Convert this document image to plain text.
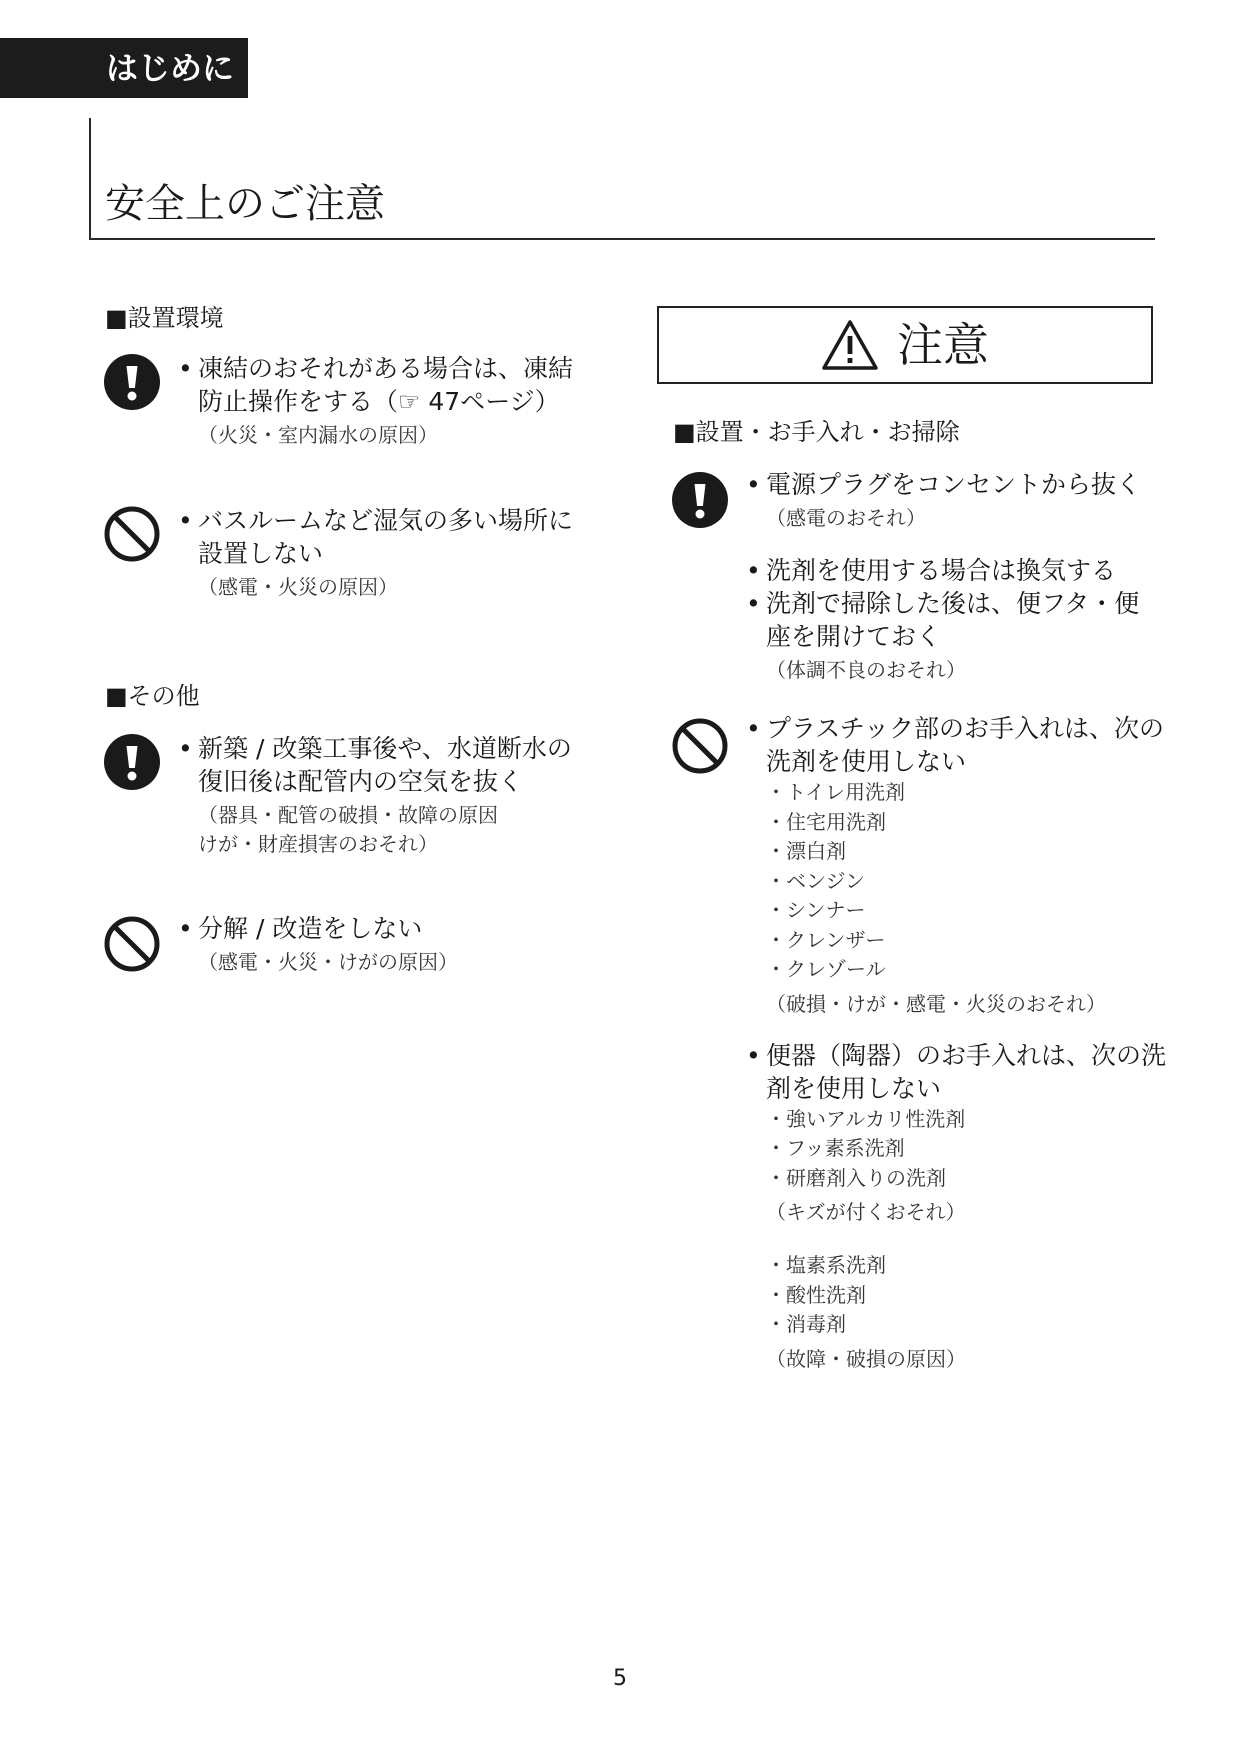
はじめに
安全上のご注意
■設置環境
• 凍結のおそれがある場合は、凍結
防止操作をする（☞ 47ページ）
（火災・室内漏水の原因）
• バスルームなど湿気の多い場所に
設置しない
（感電・火災の原因）
■その他
• 新築 / 改築工事後や、水道断水の
復旧後は配管内の空気を抜く
（器具・配管の破損・故障の原因
けが・財産損害のおそれ）
• 分解 / 改造をしない
（感電・火災・けがの原因）
注意
■設置・お手入れ・お掃除
• 電源プラグをコンセントから抜く
（感電のおそれ）
• 洗剤を使用する場合は換気する
• 洗剤で掃除した後は、便フタ・便
座を開けておく
（体調不良のおそれ）
• プラスチック部のお手入れは、次の
洗剤を使用しない
・トイレ用洗剤
・住宅用洗剤
・漂白剤
・ベンジン
・シンナー
・クレンザー
・クレゾール
（破損・けが・感電・火災のおそれ）
• 便器（陶器）のお手入れは、次の洗
剤を使用しない
・強いアルカリ性洗剤
・フッ素系洗剤
・研磨剤入りの洗剤
（キズが付くおそれ）
・塩素系洗剤
・酸性洗剤
・消毒剤
（故障・破損の原因）
5
